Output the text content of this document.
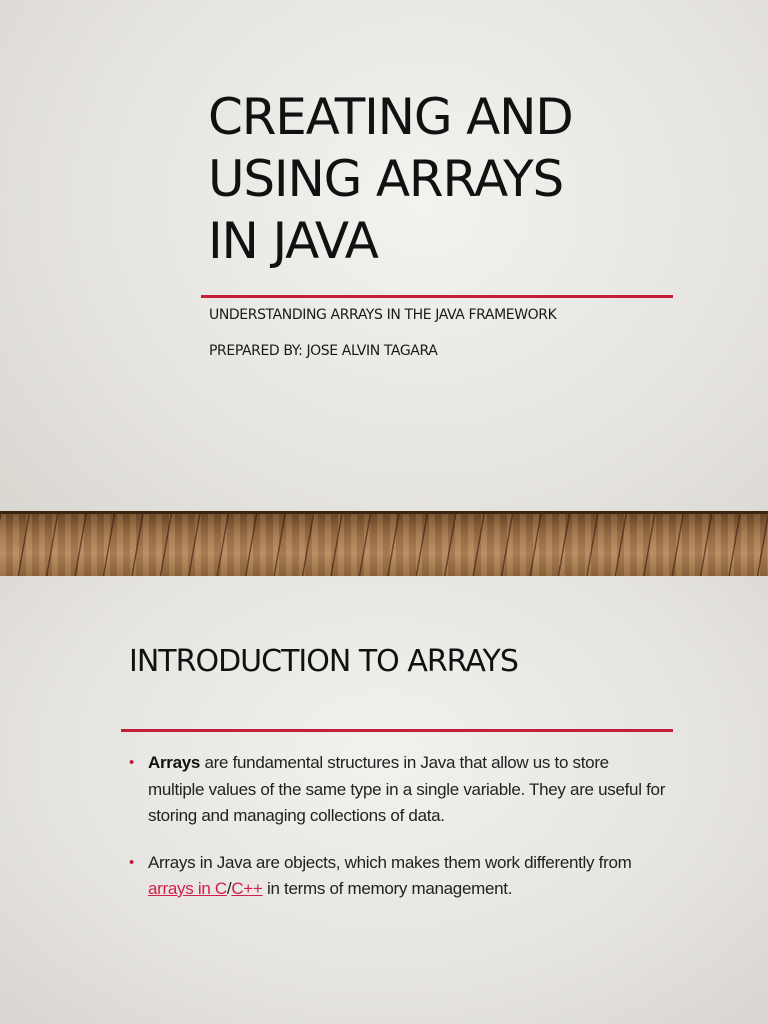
CREATING AND
USING ARRAYS
IN JAVA
UNDERSTANDING ARRAYS IN THE JAVA FRAMEWORK
PREPARED BY: JOSE ALVIN TAGARA
INTRODUCTION TO ARRAYS
• Arrays are fundamental structures in Java that allow us to store multiple values of the same type in a single variable. They are useful for storing and managing collections of data.
• Arrays in Java are objects, which makes them work differently from arrays in C/C++ in terms of memory management.
